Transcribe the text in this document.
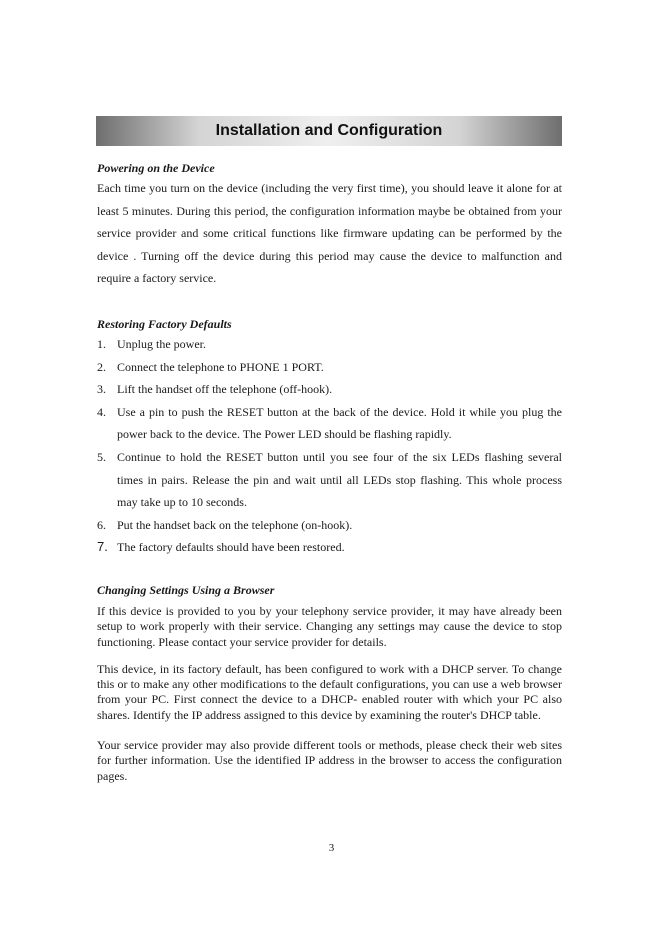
Installation and Configuration

Powering on the Device

Each time you turn on the device (including the very first time), you should leave it alone for at least 5 minutes. During this period, the configuration information maybe be obtained from your service provider and some critical functions like firmware updating can be performed by the device . Turning off the device during this period may cause the device to malfunction and require a factory service.

Restoring Factory Defaults

1. Unplug the power.
2. Connect the telephone to PHONE 1 PORT.
3. Lift the handset off the telephone (off-hook).
4. Use a pin to push the RESET button at the back of the device. Hold it while you plug the power back to the device. The Power LED should be flashing rapidly.
5. Continue to hold the RESET button until you see four of the six LEDs flashing several times in pairs. Release the pin and wait until all LEDs stop flashing. This whole process may take up to 10 seconds.
6. Put the handset back on the telephone (on-hook).
7. The factory defaults should have been restored.

Changing Settings Using a Browser

If this device is provided to you by your telephony service provider, it may have already been setup to work properly with their service. Changing any settings may cause the device to stop functioning. Please contact your service provider for details.

This device, in its factory default, has been configured to work with a DHCP server. To change this or to make any other modifications to the default configurations, you can use a web browser from your PC. First connect the device to a DHCP- enabled router with which your PC also shares. Identify the IP address assigned to this device by examining the router's DHCP table.

Your service provider may also provide different tools or methods, please check their web sites for further information. Use the identified IP address in the browser to access the configuration pages.

3
